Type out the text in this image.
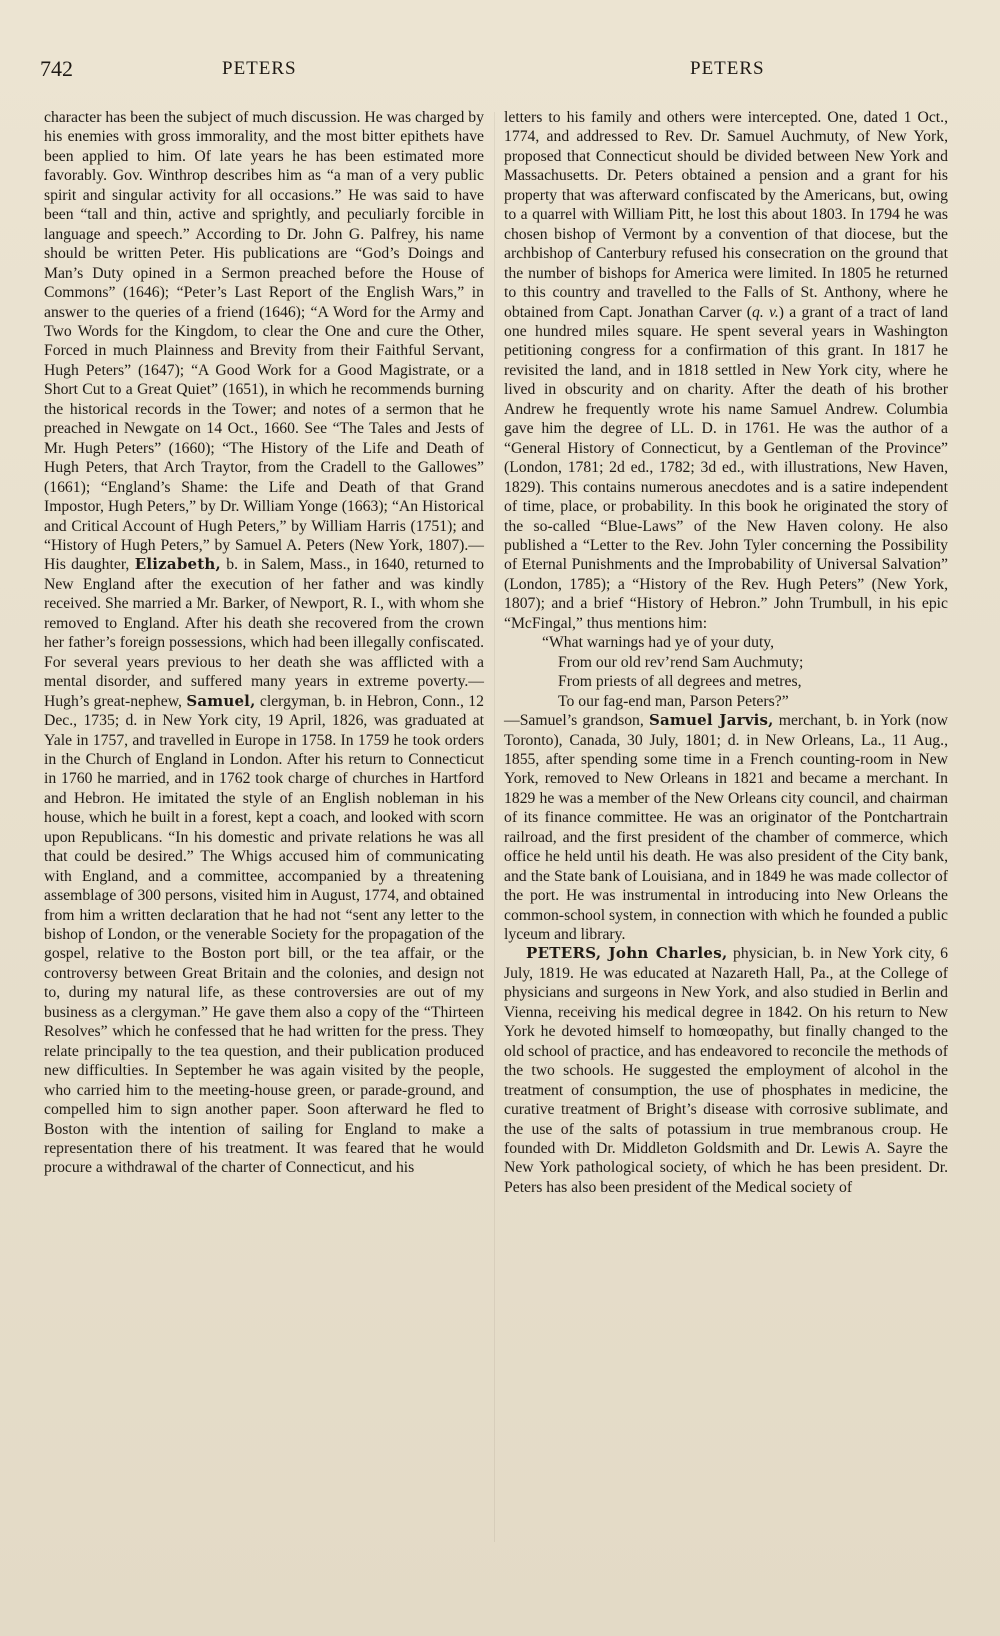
742	PETERS	PETERS

character has been the subject of much discussion. He was charged by his enemies with gross immorality, and the most bitter epithets have been applied to him. Of late years he has been estimated more favorably. Gov. Winthrop describes him as “a man of a very public spirit and singular activity for all occasions.” He was said to have been “tall and thin, active and sprightly, and peculiarly forcible in language and speech.” According to Dr. John G. Palfrey, his name should be written Peter. His publications are “God’s Doings and Man’s Duty opined in a Sermon preached before the House of Commons” (1646); “Peter’s Last Report of the English Wars,” in answer to the queries of a friend (1646); “A Word for the Army and Two Words for the Kingdom, to clear the One and cure the Other, Forced in much Plainness and Brevity from their Faithful Servant, Hugh Peters” (1647); “A Good Work for a Good Magistrate, or a Short Cut to a Great Quiet” (1651), in which he recommends burning the historical records in the Tower; and notes of a sermon that he preached in Newgate on 14 Oct., 1660. See “The Tales and Jests of Mr. Hugh Peters” (1660); “The History of the Life and Death of Hugh Peters, that Arch Traytor, from the Cradell to the Gallowes” (1661); “England’s Shame: the Life and Death of that Grand Impostor, Hugh Peters,” by Dr. William Yonge (1663); “An Historical and Critical Account of Hugh Peters,” by William Harris (1751); and “History of Hugh Peters,” by Samuel A. Peters (New York, 1807).—His daughter, Elizabeth, b. in Salem, Mass., in 1640, returned to New England after the execution of her father and was kindly received. She married a Mr. Barker, of Newport, R. I., with whom she removed to England. After his death she recovered from the crown her father’s foreign possessions, which had been illegally confiscated. For several years previous to her death she was afflicted with a mental disorder, and suffered many years in extreme poverty.—Hugh’s great-nephew, Samuel, clergyman, b. in Hebron, Conn., 12 Dec., 1735; d. in New York city, 19 April, 1826, was graduated at Yale in 1757, and travelled in Europe in 1758. In 1759 he took orders in the Church of England in London. After his return to Connecticut in 1760 he married, and in 1762 took charge of churches in Hartford and Hebron. He imitated the style of an English nobleman in his house, which he built in a forest, kept a coach, and looked with scorn upon Republicans. “In his domestic and private relations he was all that could be desired.” The Whigs accused him of communicating with England, and a committee, accompanied by a threatening assemblage of 300 persons, visited him in August, 1774, and obtained from him a written declaration that he had not “sent any letter to the bishop of London, or the venerable Society for the propagation of the gospel, relative to the Boston port bill, or the tea affair, or the controversy between Great Britain and the colonies, and design not to, during my natural life, as these controversies are out of my business as a clergyman.” He gave them also a copy of the “Thirteen Resolves” which he confessed that he had written for the press. They relate principally to the tea question, and their publication produced new difficulties. In September he was again visited by the people, who carried him to the meeting-house green, or parade-ground, and compelled him to sign another paper. Soon afterward he fled to Boston with the intention of sailing for England to make a representation there of his treatment. It was feared that he would procure a withdrawal of the charter of Connecticut, and his

letters to his family and others were intercepted. One, dated 1 Oct., 1774, and addressed to Rev. Dr. Samuel Auchmuty, of New York, proposed that Connecticut should be divided between New York and Massachusetts. Dr. Peters obtained a pension and a grant for his property that was afterward confiscated by the Americans, but, owing to a quarrel with William Pitt, he lost this about 1803. In 1794 he was chosen bishop of Vermont by a convention of that diocese, but the archbishop of Canterbury refused his consecration on the ground that the number of bishops for America were limited. In 1805 he returned to this country and travelled to the Falls of St. Anthony, where he obtained from Capt. Jonathan Carver (q. v.) a grant of a tract of land one hundred miles square. He spent several years in Washington petitioning congress for a confirmation of this grant. In 1817 he revisited the land, and in 1818 settled in New York city, where he lived in obscurity and on charity. After the death of his brother Andrew he frequently wrote his name Samuel Andrew. Columbia gave him the degree of LL. D. in 1761. He was the author of a “General History of Connecticut, by a Gentleman of the Province” (London, 1781; 2d ed., 1782; 3d ed., with illustrations, New Haven, 1829). This contains numerous anecdotes and is a satire independent of time, place, or probability. In this book he originated the story of the so-called “Blue-Laws” of the New Haven colony. He also published a “Letter to the Rev. John Tyler concerning the Possibility of Eternal Punishments and the Improbability of Universal Salvation” (London, 1785); a “History of the Rev. Hugh Peters” (New York, 1807); and a brief “History of Hebron.” John Trumbull, in his epic “McFingal,” thus mentions him:

“What warnings had ye of your duty,
From our old rev’rend Sam Auchmuty;
From priests of all degrees and metres,
To our fag-end man, Parson Peters?”

—Samuel’s grandson, Samuel Jarvis, merchant, b. in York (now Toronto), Canada, 30 July, 1801; d. in New Orleans, La., 11 Aug., 1855, after spending some time in a French counting-room in New York, removed to New Orleans in 1821 and became a merchant. In 1829 he was a member of the New Orleans city council, and chairman of its finance committee. He was an originator of the Pontchartrain railroad, and the first president of the chamber of commerce, which office he held until his death. He was also president of the City bank, and the State bank of Louisiana, and in 1849 he was made collector of the port. He was instrumental in introducing into New Orleans the common-school system, in connection with which he founded a public lyceum and library.

PETERS, John Charles, physician, b. in New York city, 6 July, 1819. He was educated at Nazareth Hall, Pa., at the College of physicians and surgeons in New York, and also studied in Berlin and Vienna, receiving his medical degree in 1842. On his return to New York he devoted himself to homœopathy, but finally changed to the old school of practice, and has endeavored to reconcile the methods of the two schools. He suggested the employment of alcohol in the treatment of consumption, the use of phosphates in medicine, the curative treatment of Bright’s disease with corrosive sublimate, and the use of the salts of potassium in true membranous croup. He founded with Dr. Middleton Goldsmith and Dr. Lewis A. Sayre the New York pathological society, of which he has been president. Dr. Peters has also been president of the Medical society of
